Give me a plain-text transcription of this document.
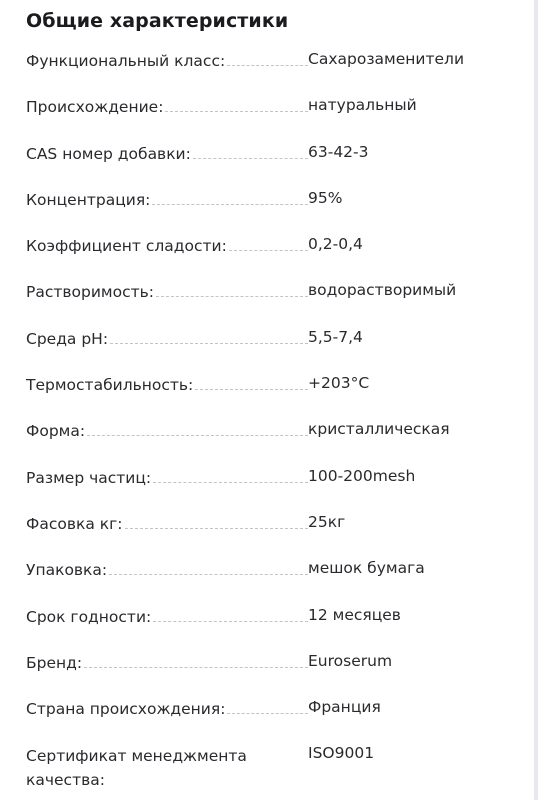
Общие характеристики
Функциональный класс:	Сахарозаменители
Происхождение:	натуральный
CAS номер добавки:	63-42-3
Концентрация:	95%
Коэффициент сладости:	0,2-0,4
Растворимость:	водорастворимый
Среда рН:	5,5-7,4
Термостабильность:	+203°C
Форма:	кристаллическая
Размер частиц:	100-200mesh
Фасовка кг:	25кг
Упаковка:	мешок бумага
Срок годности:	12 месяцев
Бренд:	Euroserum
Страна происхождения:	Франция
Сертификат менеджмента качества:
ISO9001
